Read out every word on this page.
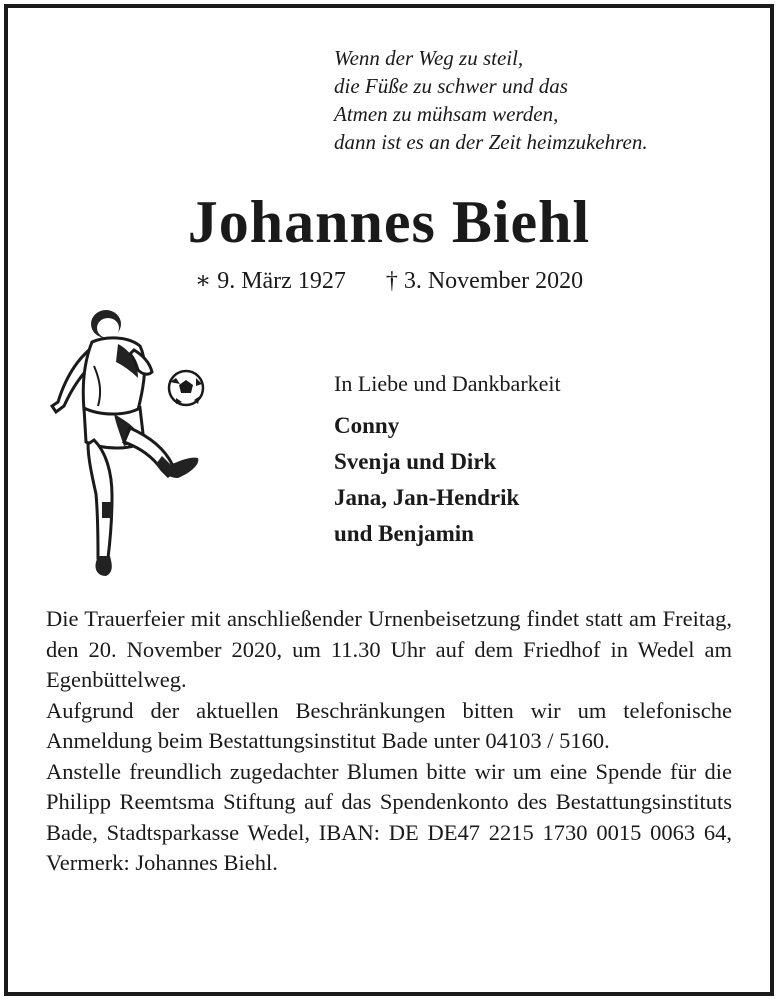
Wenn der Weg zu steil,
die Füße zu schwer und das
Atmen zu mühsam werden,
dann ist es an der Zeit heimzukehren.
Johannes Biehl
∗ 9. März 1927 † 3. November 2020
In Liebe und Dankbarkeit
Conny
Svenja und Dirk
Jana, Jan-Hendrik
und Benjamin

Die Trauerfeier mit anschließender Urnenbeisetzung findet statt am Freitag, den 20. November 2020, um 11.30 Uhr auf dem Friedhof in Wedel am Egenbüttelweg.

Aufgrund der aktuellen Beschränkungen bitten wir um telefonische Anmeldung beim Bestattungsinstitut Bade unter 04103 / 5160.

Anstelle freundlich zugedachter Blumen bitte wir um eine Spende für die Philipp Reemtsma Stiftung auf das Spendenkonto des Bestattungsinstituts Bade, Stadtsparkasse Wedel, IBAN: DE DE47 2215 1730 0015 0063 64, Vermerk: Johannes Biehl.
